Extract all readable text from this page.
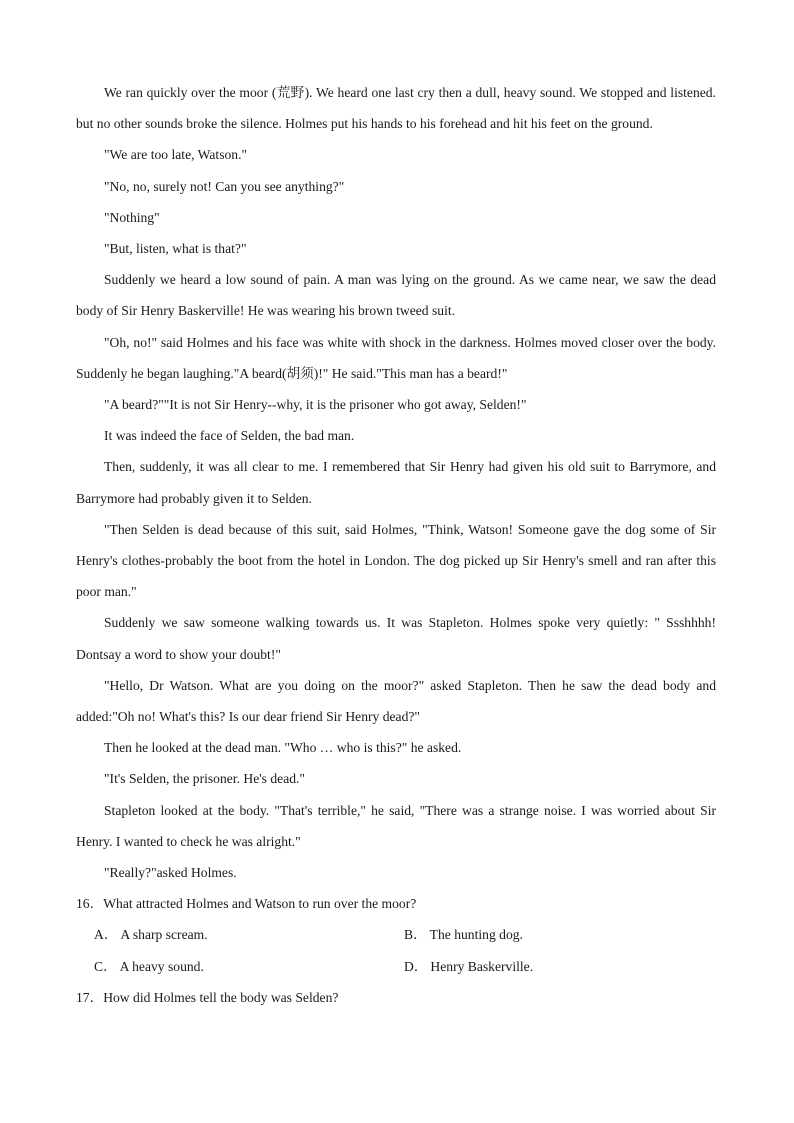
We ran quickly over the moor (荒野). We heard one last cry then a dull, heavy sound. We stopped and listened. but no other sounds broke the silence. Holmes put his hands to his forehead and hit his feet on the ground.

"We are too late, Watson."

"No, no, surely not! Can you see anything?"

"Nothing"

"But, listen, what is that?"

Suddenly we heard a low sound of pain. A man was lying on the ground. As we came near, we saw the dead body of Sir Henry Baskerville! He was wearing his brown tweed suit.

"Oh, no!" said Holmes and his face was white with shock in the darkness. Holmes moved closer over the body. Suddenly he began laughing."A beard(胡须)!" He said."This man has a beard!"

"A beard?""It is not Sir Henry--why, it is the prisoner who got away, Selden!"

It was indeed the face of Selden, the bad man.

Then, suddenly, it was all clear to me. I remembered that Sir Henry had given his old suit to Barrymore, and Barrymore had probably given it to Selden.

"Then Selden is dead because of this suit, said Holmes, "Think, Watson! Someone gave the dog some of Sir Henry's clothes-probably the boot from the hotel in London. The dog picked up Sir Henry's smell and ran after this poor man."

Suddenly we saw someone walking towards us. It was Stapleton. Holmes spoke very quietly: " Ssshhhh! Dontsay a word to show your doubt!"

"Hello, Dr Watson. What are you doing on the moor?" asked Stapleton. Then he saw the dead body and added:"Oh no! What's this? Is our dear friend Sir Henry dead?"

Then he looked at the dead man. "Who … who is this?" he asked.

"It's Selden, the prisoner. He's dead."

Stapleton looked at the body. "That's terrible," he said, "There was a strange noise. I was worried about Sir Henry. I wanted to check he was alright."

"Really?"asked Holmes.

16．What attracted Holmes and Watson to run over the moor?

A． A sharp scream.	B． The hunting dog.

C． A heavy sound.	D． Henry Baskerville.

17．How did Holmes tell the body was Selden?
